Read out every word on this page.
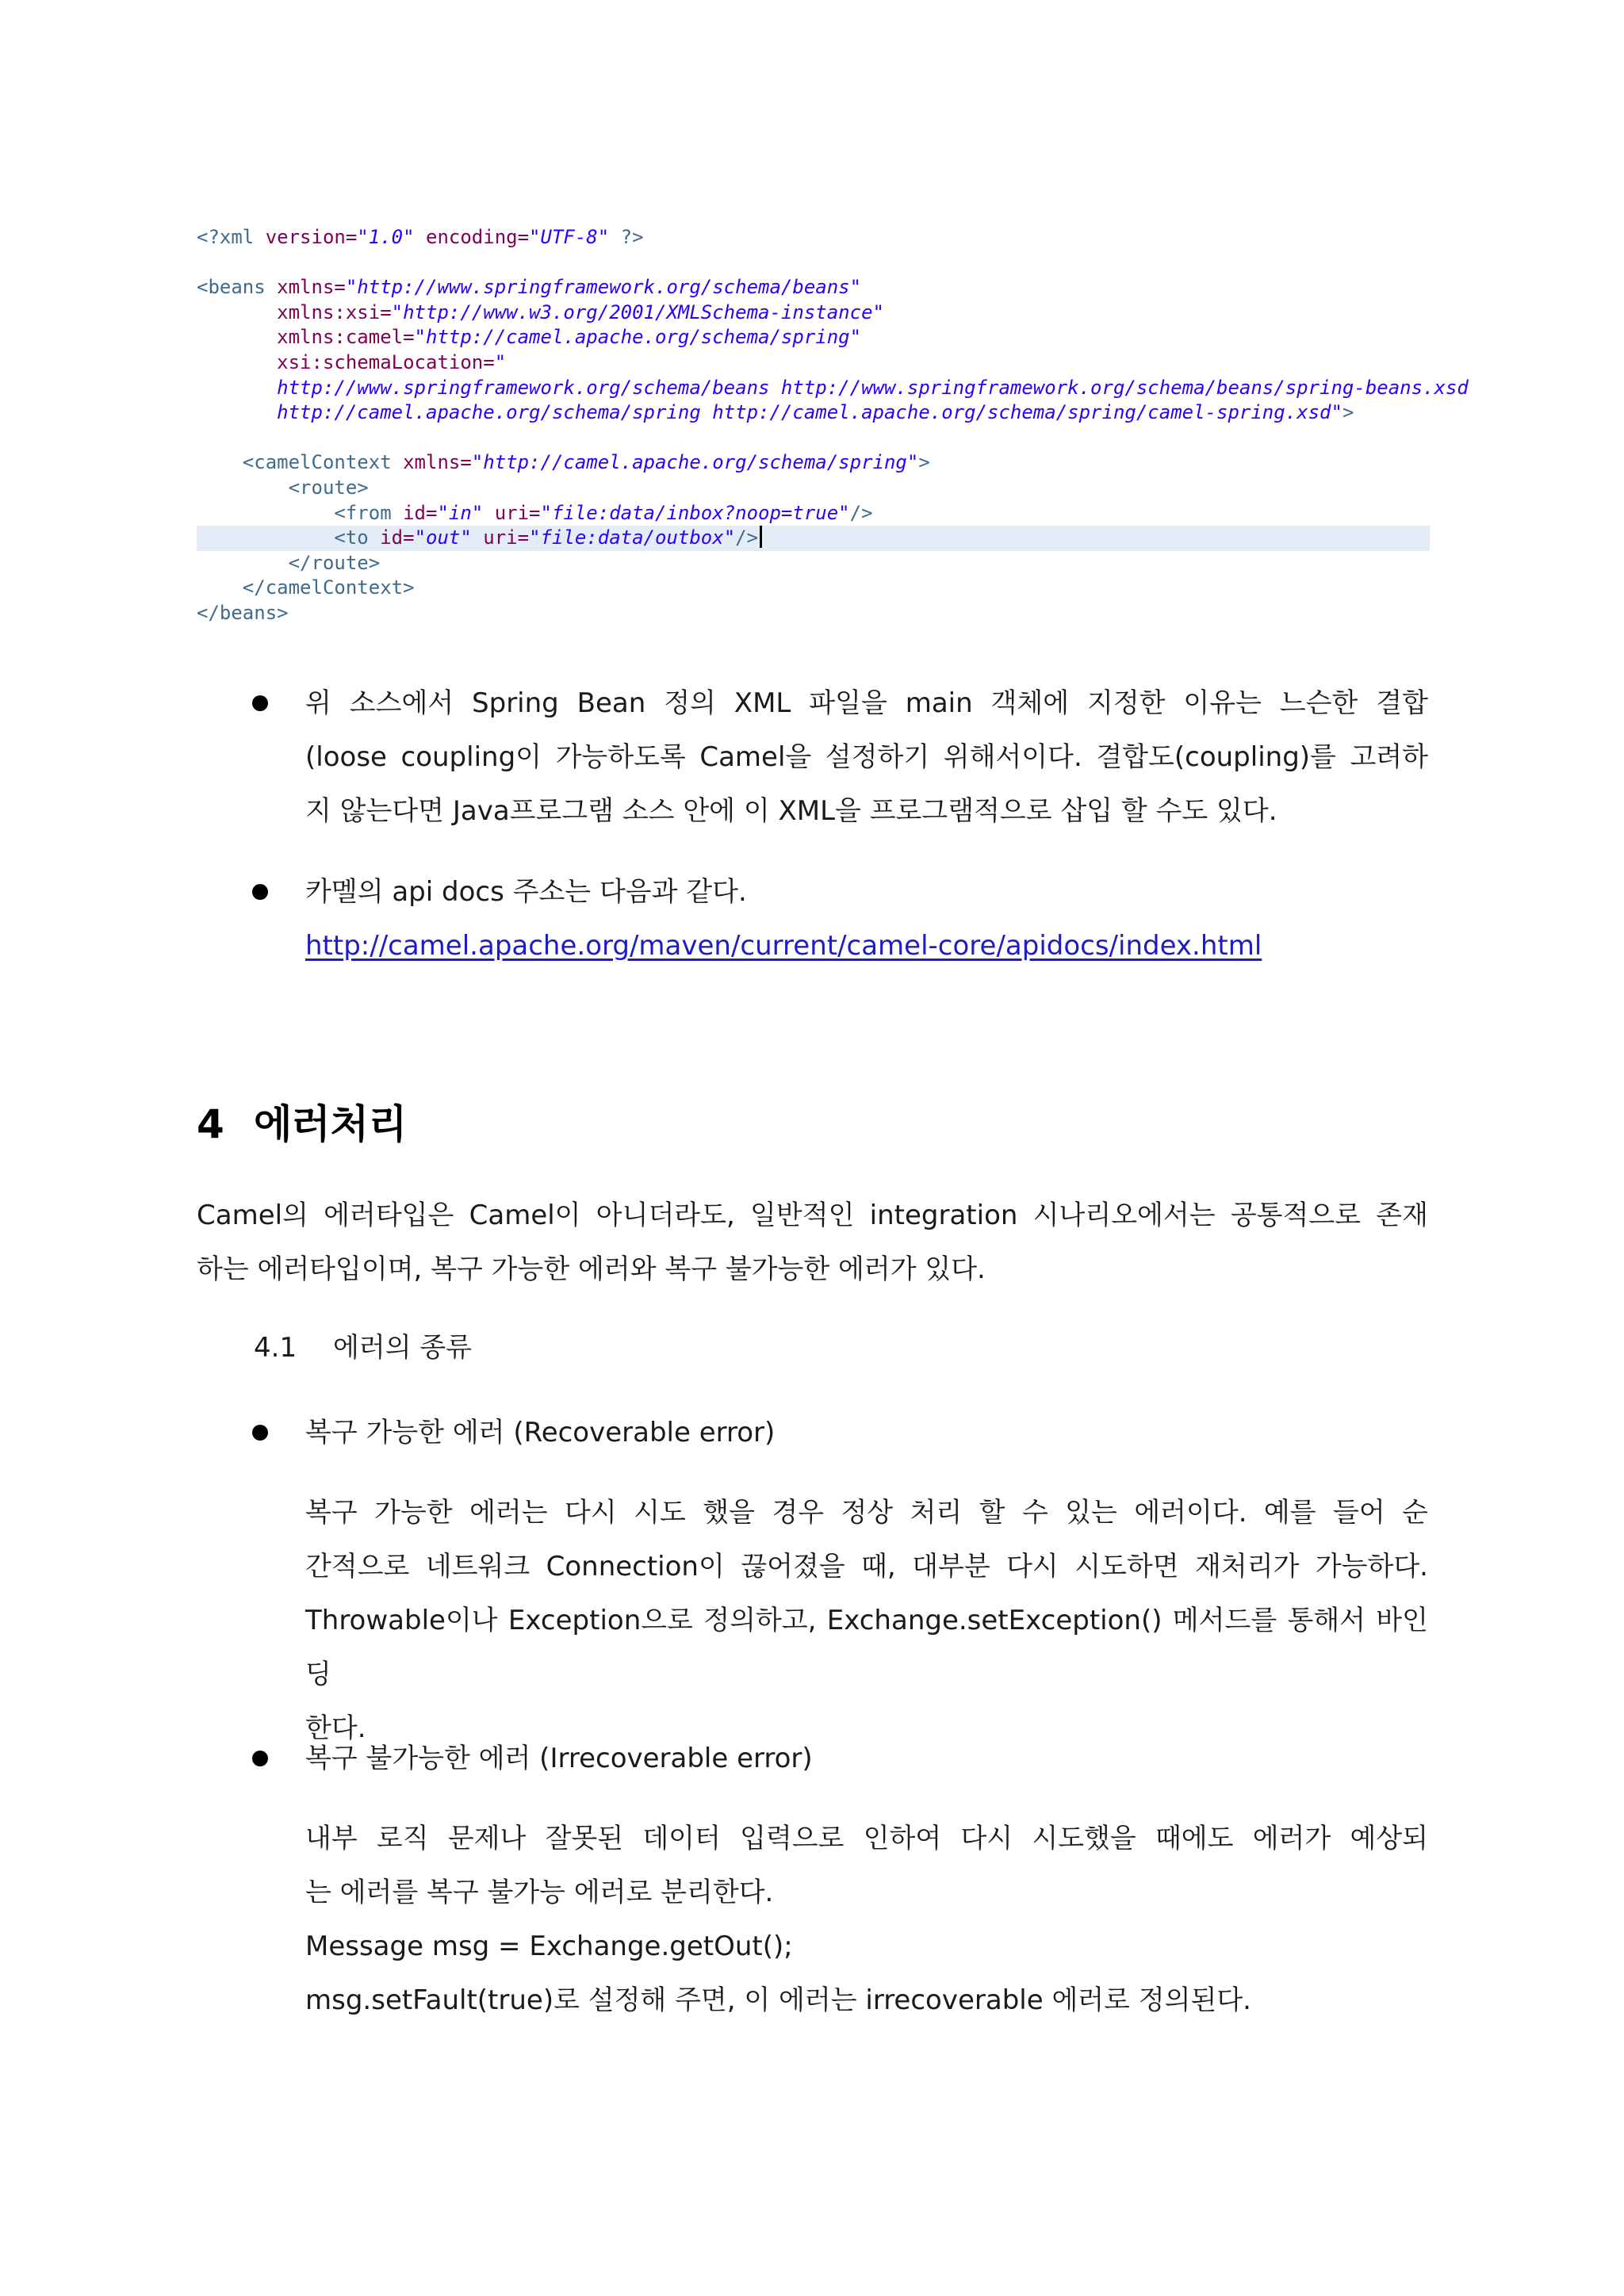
<?xml version="1.0" encoding="UTF-8" ?>
<beans xmlns="http://www.springframework.org/schema/beans"
xmlns:xsi="http://www.w3.org/2001/XMLSchema-instance"
xmlns:camel="http://camel.apache.org/schema/spring"
xsi:schemaLocation="
http://www.springframework.org/schema/beans http://www.springframework.org/schema/beans/spring-beans.xsd
http://camel.apache.org/schema/spring http://camel.apache.org/schema/spring/camel-spring.xsd">
<camelContext xmlns="http://camel.apache.org/schema/spring">
<route>
<from id="in" uri="file:data/inbox?noop=true"/>
<to id="out" uri="file:data/outbox"/>
</route>
</camelContext>
</beans>
위 소스에서 Spring Bean 정의 XML 파일을 main 객체에 지정한 이유는 느슨한 결합
(loose coupling이 가능하도록 Camel을 설정하기 위해서이다. 결합도(coupling)를 고려하
지 않는다면 Java프로그램 소스 안에 이 XML을 프로그램적으로 삽입 할 수도 있다.
카멜의 api docs 주소는 다음과 같다.
http://camel.apache.org/maven/current/camel-core/apidocs/index.html
4 에러처리
Camel의 에러타입은 Camel이 아니더라도, 일반적인 integration 시나리오에서는 공통적으로 존재
하는 에러타입이며, 복구 가능한 에러와 복구 불가능한 에러가 있다.
4.1 에러의 종류
복구 가능한 에러 (Recoverable error)
복구 가능한 에러는 다시 시도 했을 경우 정상 처리 할 수 있는 에러이다. 예를 들어 순
간적으로 네트워크 Connection이 끊어졌을 때, 대부분 다시 시도하면 재처리가 가능하다.
Throwable이나 Exception으로 정의하고, Exchange.setException() 메서드를 통해서 바인딩
한다.
복구 불가능한 에러 (Irrecoverable error)
내부 로직 문제나 잘못된 데이터 입력으로 인하여 다시 시도했을 때에도 에러가 예상되
는 에러를 복구 불가능 에러로 분리한다.
Message msg = Exchange.getOut();
msg.setFault(true)로 설정해 주면, 이 에러는 irrecoverable 에러로 정의된다.
